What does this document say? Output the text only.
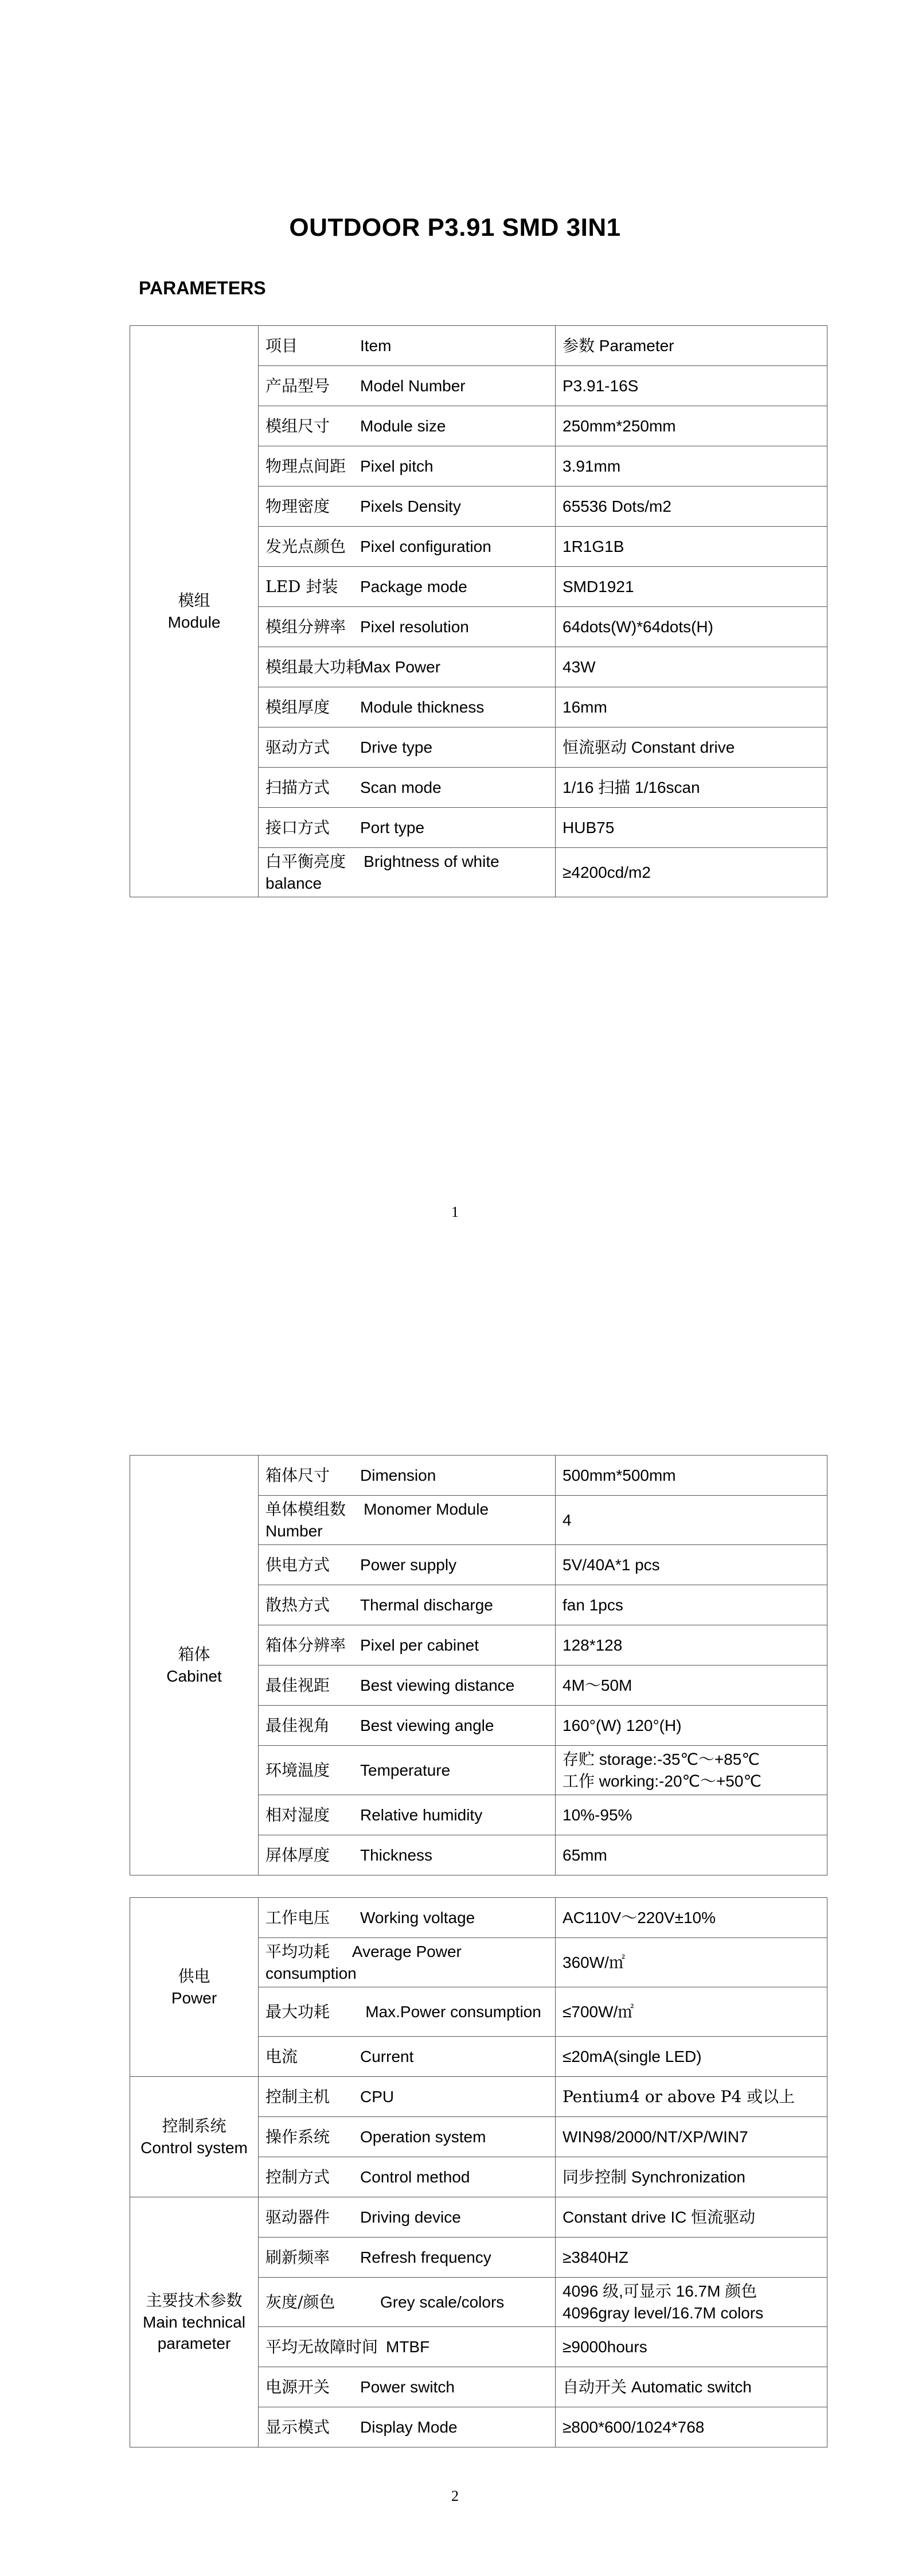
OUTDOOR P3.91 SMD 3IN1
PARAMETERS
模组
Module	项目 Item	参数 Parameter
	产品型号 Model Number	P3.91-16S
	模组尺寸 Module size	250mm*250mm
	物理点间距 Pixel pitch	3.91mm
	物理密度 Pixels Density	65536 Dots/m2
	发光点颜色 Pixel configuration	1R1G1B
	LED 封装 Package mode	SMD1921
	模组分辨率 Pixel resolution	64dots(W)*64dots(H)
	模组最大功耗Max Power	43W
	模组厚度 Module thickness	16mm
	驱动方式 Drive type	恒流驱动 Constant drive
	扫描方式 Scan mode	1/16 扫描 1/16scan
	接口方式 Port type	HUB75
	白平衡亮度 Brightness of white balance	≥4200cd/m2
1
箱体
Cabinet	箱体尺寸 Dimension	500mm*500mm
	单体模组数 Monomer Module Number	4
	供电方式 Power supply	5V/40A*1 pcs
	散热方式 Thermal discharge	fan 1pcs
	箱体分辨率 Pixel per cabinet	128*128
	最佳视距 Best viewing distance	4M～50M
	最佳视角 Best viewing angle	160°(W) 120°(H)
	环境温度 Temperature	存贮 storage:-35℃～+85℃
工作 working:-20℃～+50℃

	相对湿度 Relative humidity	10%-95%
	屏体厚度 Thickness	65mm
供电
Power	工作电压 Working voltage	AC110V～220V±10%
	平均功耗 Average Power consumption	360W/㎡
	最大功耗 Max.Power consumption	≤700W/㎡
	电流 Current	≤20mA(single LED)

控制系统
Control system	控制主机 CPU	Pentium4 or above P4 或以上
	操作系统 Operation system	WIN98/2000/NT/XP/WIN7
	控制方式 Control method	同步控制 Synchronization

主要技术参数
Main technical parameter	驱动器件 Driving device	Constant drive IC 恒流驱动
	刷新频率 Refresh frequency	≥3840HZ
	灰度/颜色 Grey scale/colors	4096 级,可显示 16.7M 颜色
4096gray level/16.7M colors

	平均无故障时间 MTBF	≥9000hours
	电源开关 Power switch	自动开关 Automatic switch
	显示模式 Display Mode	≥800*600/1024*768
2
